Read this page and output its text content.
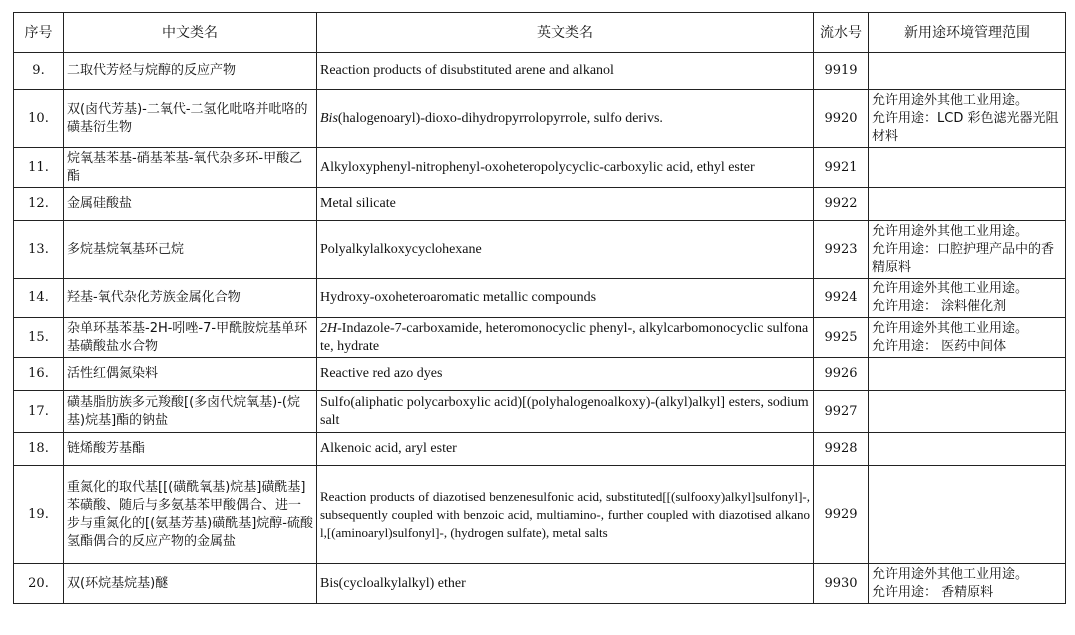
序号	中文类名	英文类名	流水号	新用途环境管理范围
9.	二取代芳烃与烷醇的反应产物	Reaction products of disubstituted arene and alkanol	9919	
10.	双(卤代芳基)-二氧代-二氢化吡咯并吡咯的磺基衍生物	Bis(halogenoaryl)-dioxo-dihydropyrrolopyrrole, sulfo derivs.	9920	允许用途外其他工业用途。
允许用途：LCD 彩色滤光器光阻材料

11.	烷氧基苯基-硝基苯基-氧代杂多环-甲酸乙酯	Alkyloxyphenyl-nitrophenyl-oxoheteropolycyclic-carboxylic acid, ethyl ester	9921	
12.	金属硅酸盐	Metal silicate	9922	
13.	多烷基烷氧基环己烷	Polyalkylalkoxycyclohexane	9923	允许用途外其他工业用途。
允许用途：口腔护理产品中的香精原料

14.	羟基-氧代杂化芳族金属化合物	Hydroxy-oxoheteroaromatic metallic compounds	9924	允许用途外其他工业用途。
允许用途： 涂料催化剂

15.	杂单环基苯基-2H-吲唑-7-甲酰胺烷基单环基磺酸盐水合物	2H-Indazole-7-carboxamide, heteromonocyclic phenyl-, alkylcarbomonocyclic sulfonate, hydrate	9925	允许用途外其他工业用途。
允许用途： 医药中间体

16.	活性红偶氮染料	Reactive red azo dyes	9926	
17.	磺基脂肪族多元羧酸[(多卤代烷氧基)-(烷基)烷基]酯的钠盐	Sulfo(aliphatic polycarboxylic acid)[(polyhalogenoalkoxy)-(alkyl)alkyl] esters, sodium salt	9927	
18.	链烯酸芳基酯	Alkenoic acid, aryl ester	9928	
19.	重氮化的取代基[[(磺酰氧基)烷基]磺酰基]苯磺酸、随后与多氨基苯甲酸偶合、进一步与重氮化的[(氨基芳基)磺酰基]烷醇-硫酸氢酯偶合的反应产物的金属盐	Reaction products of diazotised benzenesulfonic acid, substituted[[(sulfooxy)alkyl]sulfonyl]-, subsequently coupled with benzoic acid, multiamino-, further coupled with diazotised alkanol,[(aminoaryl)sulfonyl]-, (hydrogen sulfate), metal salts	9929	
20.	双(环烷基烷基)醚	Bis(cycloalkylalkyl) ether	9930	允许用途外其他工业用途。
允许用途： 香精原料
